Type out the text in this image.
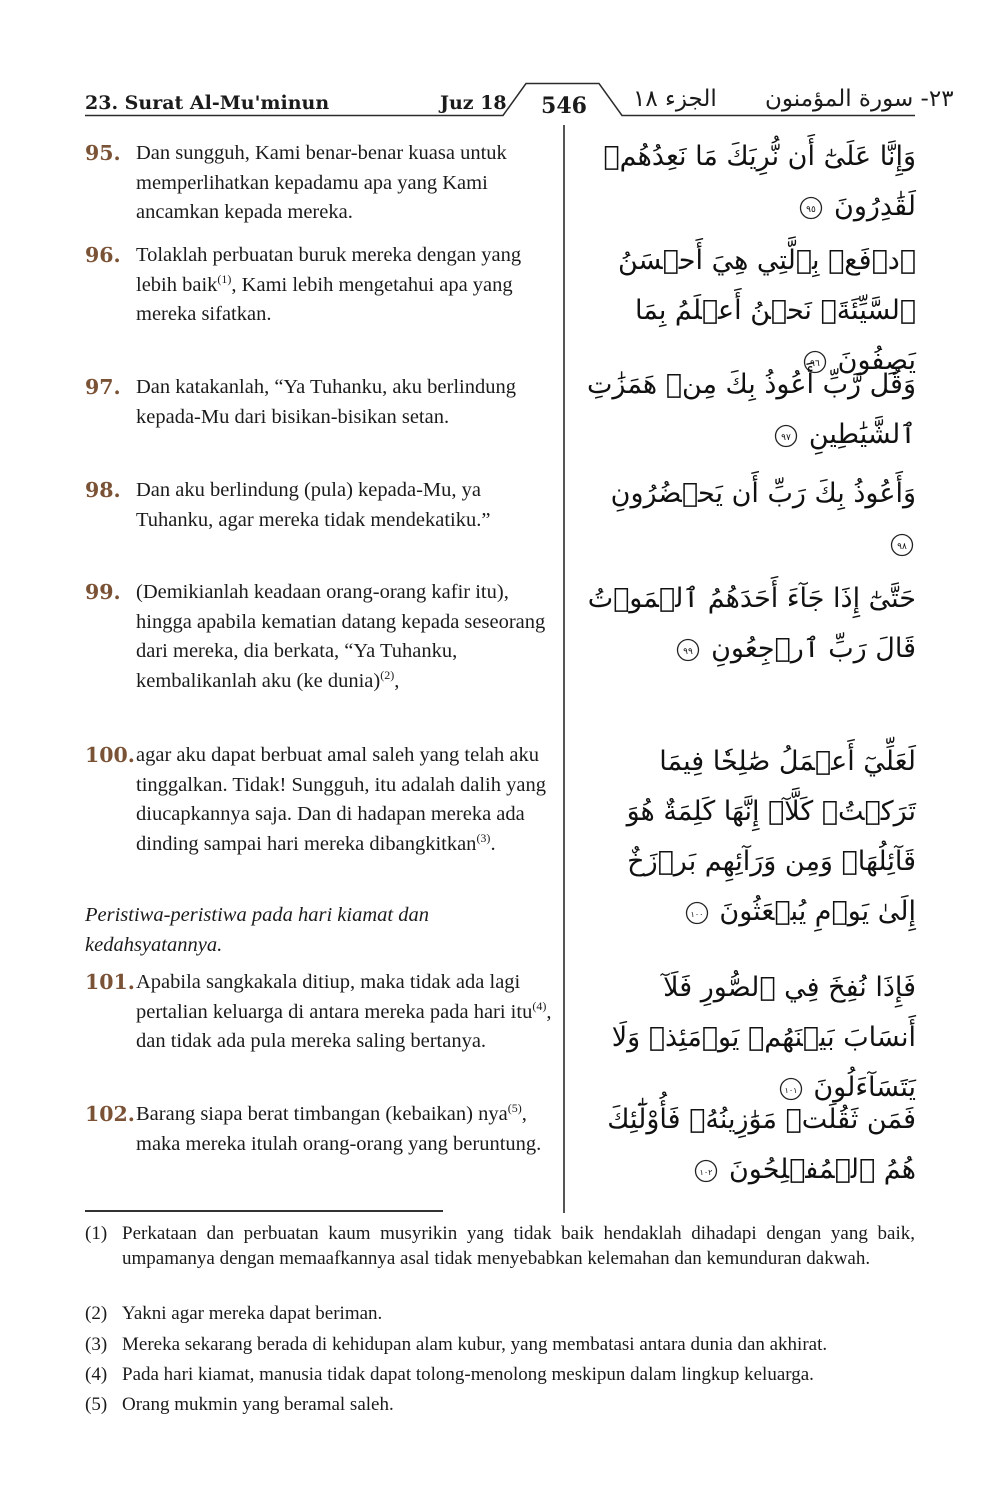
23. Surat Al-Mu'minun	Juz 18	546	الجزء ١٨ ٢٣- سورة المؤمنون
95. Dan sungguh, Kami benar-benar kuasa untuk memperlihatkan kepadamu apa yang Kami ancamkan kepada mereka.
96. Tolaklah perbuatan buruk mereka dengan yang lebih baik$^{(1)}$, Kami lebih mengetahui apa yang mereka sifatkan.
97. Dan katakanlah, “Ya Tuhanku, aku berlindung kepada-Mu dari bisikan-bisikan setan.
98. Dan aku berlindung (pula) kepada-Mu, ya Tuhanku, agar mereka tidak mendekatiku.”
99. (Demikianlah keadaan orang-orang kafir itu), hingga apabila kematian datang kepada seseorang dari mereka, dia berkata, “Ya Tuhanku, kembalikanlah aku (ke dunia)$^{(2)}$,
100. agar aku dapat berbuat amal saleh yang telah aku tinggalkan. Tidak! Sungguh, itu adalah dalih yang diucapkannya saja. Dan di hadapan mereka ada dinding sampai hari mereka dibangkitkan$^{(3)}$.
Peristiwa-peristiwa pada hari kiamat dan kedahsyatannya.
101. Apabila sangkakala ditiup, maka tidak ada lagi pertalian keluarga di antara mereka pada hari itu$^{(4)}$, dan tidak ada pula mereka saling bertanya.
102. Barang siapa berat timbangan (kebaikan) nya$^{(5)}$, maka mereka itulah orang-orang yang beruntung.
وَإِنَّا عَلَىٰٓ أَن نُّرِيَكَ مَا نَعِدُهُمۡ لَقَٰدِرُونَ
٩٥
ٱدۡفَعۡ بِٱلَّتِي هِيَ أَحۡسَنُ ٱلسَّيِّئَةَۚ نَحۡنُ أَعۡلَمُ بِمَا يَصِفُونَ
٩٦
وَقُل رَّبِّ أَعُوذُ بِكَ مِنۡ هَمَزَٰتِ ٱلشَّيَٰطِينِ
٩٧
وَأَعُوذُ بِكَ رَبِّ أَن يَحۡضُرُونِ
٩٨
حَتَّىٰٓ إِذَا جَآءَ أَحَدَهُمُ ٱلۡمَوۡتُ قَالَ رَبِّ ٱرۡجِعُونِ
٩٩
لَعَلِّيٓ أَعۡمَلُ صَٰلِحٗا فِيمَا تَرَكۡتُۚ كَلَّآۚ إِنَّهَا كَلِمَةٌ هُوَ قَآئِلُهَاۖ وَمِن وَرَآئِهِم بَرۡزَخٌ إِلَىٰ يَوۡمِ يُبۡعَثُونَ
١٠٠
فَإِذَا نُفِخَ فِي ٱلصُّورِ فَلَآ أَنسَابَ بَيۡنَهُمۡ يَوۡمَئِذٖ وَلَا يَتَسَآءَلُونَ
١٠١
فَمَن ثَقُلَتۡ مَوَٰزِينُهُۥ فَأُوْلَٰٓئِكَ هُمُ ٱلۡمُفۡلِحُونَ
١٠٢
(1) Perkataan dan perbuatan kaum musyrikin yang tidak baik hendaklah dihadapi dengan yang baik, umpamanya dengan memaafkannya asal tidak menyebabkan kelemahan dan kemunduran dakwah.
(2) Yakni agar mereka dapat beriman.
(3) Mereka sekarang berada di kehidupan alam kubur, yang membatasi antara dunia dan akhirat.
(4) Pada hari kiamat, manusia tidak dapat tolong-menolong meskipun dalam lingkup keluarga.
(5) Orang mukmin yang beramal saleh.
